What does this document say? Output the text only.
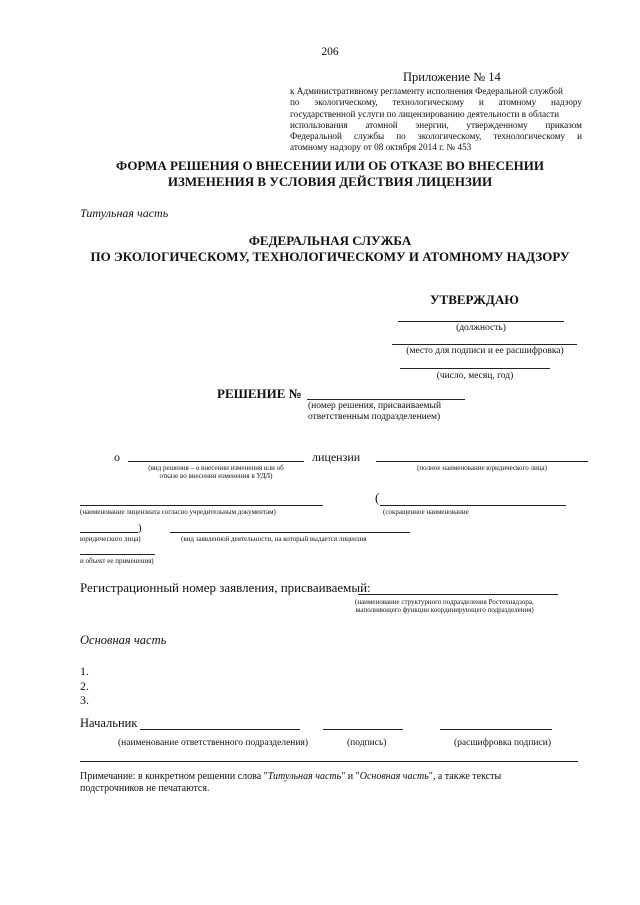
206
Приложение № 14
к Административному регламенту исполнения Федеральной службой
по экологическому, технологическому и атомному надзору
государственной услуги по лицензированию деятельности в области
использования атомной энергии, утвержденному приказом
Федеральной службы по экологическому, технологическому и
атомному надзору от 08 октября 2014 г. № 453
ФОРМА РЕШЕНИЯ О ВНЕСЕНИИ ИЛИ ОБ ОТКАЗЕ ВО ВНЕСЕНИИ
ИЗМЕНЕНИЯ В УСЛОВИЯ ДЕЙСТВИЯ ЛИЦЕНЗИИ
Титульная часть
ФЕДЕРАЛЬНАЯ СЛУЖБА
ПО ЭКОЛОГИЧЕСКОМУ, ТЕХНОЛОГИЧЕСКОМУ И АТОМНОМУ НАДЗОРУ
УТВЕРЖДАЮ
(должность)
(место для подписи и ее расшифровка)
(число, месяц, год)
РЕШЕНИЕ №
(номер решения, присваиваемый
ответственным подразделением)
о
(вид решения – о внесении изменения или об
отказе во внесении изменения в УДЛ)
лицензии
(полное наименование юридического лица)
(наименование лицензиата согласно учредительным документам)
(
(сокращенное наименование
)
юридического лица)	(вид заявленной деятельности, на который выдается лицензия
и объект ее применения)
Регистрационный номер заявления, присваиваемый:
(наименование структурного подразделения Ростехнадзора,
выполняющего функции координирующего подразделения)
Основная часть
1.
2.
3.
Начальник
(наименование ответственного подразделения)	(подпись)	(расшифровка подписи)
Примечание: в конкретном решении слова "Титульная часть" и "Основная часть", а также тексты
подстрочников не печатаются.
